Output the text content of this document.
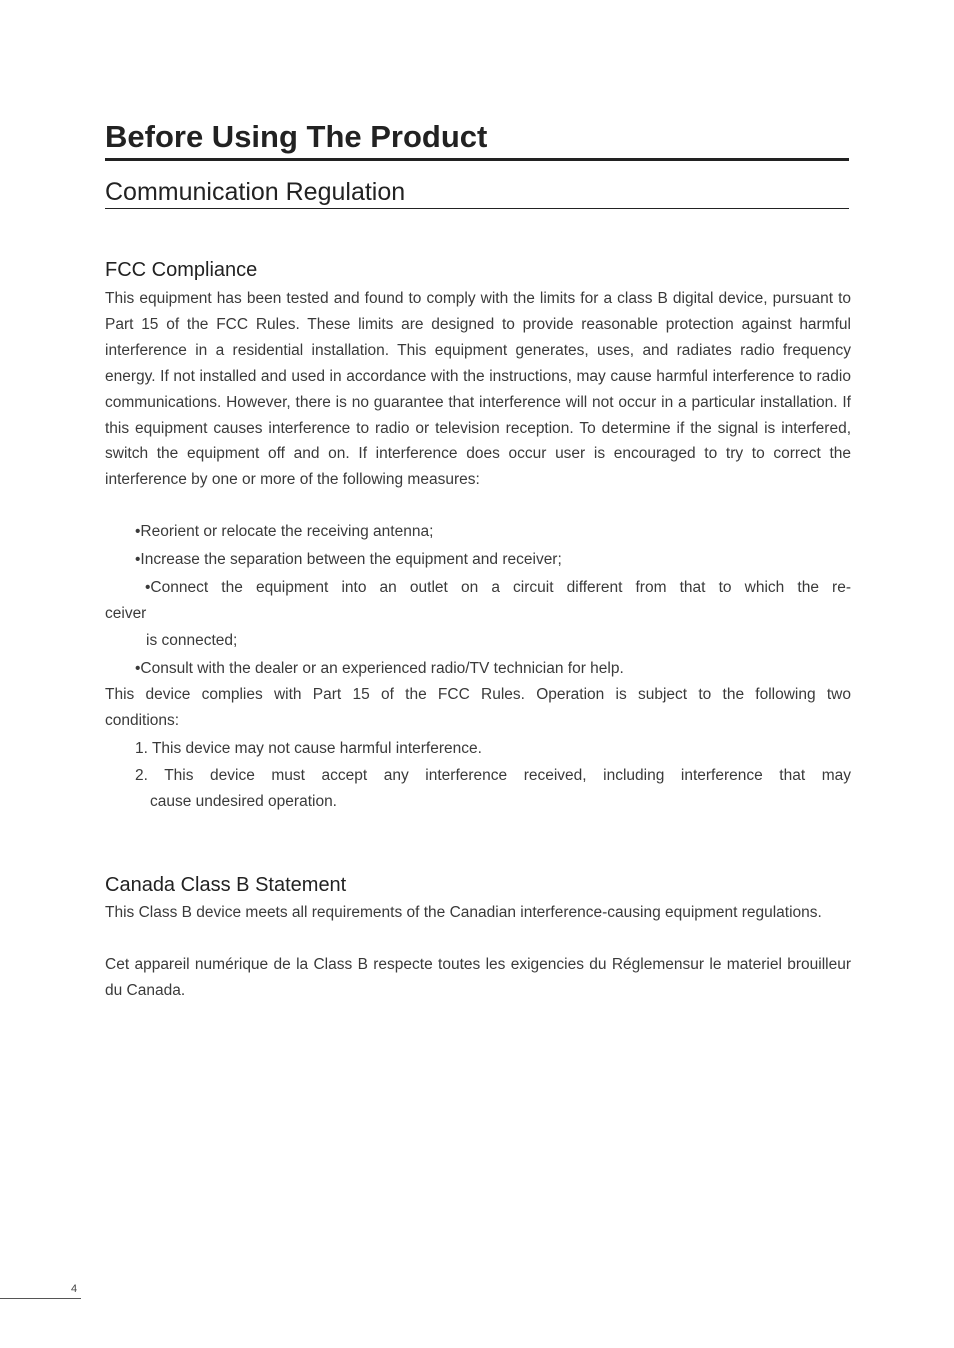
Before Using The Product
Communication Regulation
FCC Compliance

This equipment has been tested and found to comply with the limits for a class B digital device, pursuant to Part 15 of the FCC Rules. These limits are designed to provide reasonable protection against harmful interference in a residential installation. This equipment generates, uses, and radiates radio frequency energy. If not installed and used in accordance with the instructions, may cause harmful interference to radio communications. However, there is no guarantee that interference will not occur in a particular installation. If this equipment causes interference to radio or television reception. To determine if the signal is interfered, switch the equipment off and on. If interference does occur user is encouraged to try to correct the interference by one or more of the following measures:

•Reorient or relocate the receiving antenna;

•Increase the separation between the equipment and receiver;

•Connect the equipment into an outlet on a circuit different from that to which the re-

ceiver

is connected;

•Consult with the dealer or an experienced radio/TV technician for help.

This device complies with Part 15 of the FCC Rules. Operation is subject to the following two

conditions:

1. This device may not cause harmful interference.

2. This device must accept any interference received, including interference that may

cause undesired operation.

Canada Class B Statement

This Class B device meets all requirements of the Canadian interference-causing equipment regulations.

Cet appareil numérique de la Class B respecte toutes les exigencies du Réglemensur le materiel brouilleur du Canada.

4
